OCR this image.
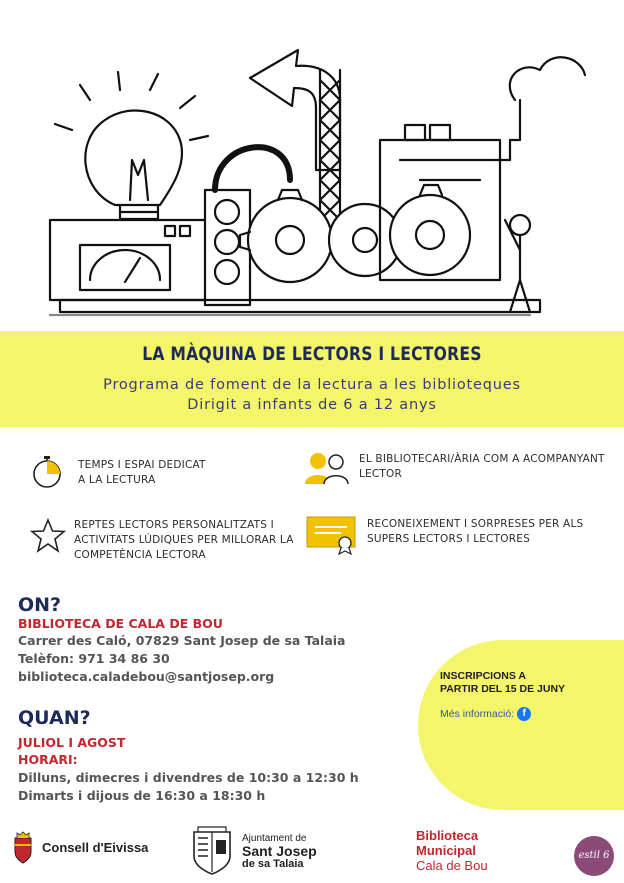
LA MÀQUINA DE LECTORS I LECTORES
Programa de foment de la lectura a les biblioteques
Dirigit a infants de 6 a 12 anys
TEMPS I ESPAI DEDICAT
A LA LECTURA
EL BIBLIOTECARI/ÀRIA COM A ACOMPANYANT
LECTOR
REPTES LECTORS PERSONALITZATS I
ACTIVITATS LÚDIQUES PER MILLORAR LA
COMPETÈNCIA LECTORA
RECONEIXEMENT I SORPRESES PER ALS
SUPERS LECTORS I LECTORES
ON?
BIBLIOTECA DE CALA DE BOU
Carrer des Caló, 07829 Sant Josep de sa Talaia
Telèfon: 971 34 86 30
biblioteca.caladebou@santjosep.org
QUAN?
JULIOL I AGOST
HORARI:
Dilluns, dimecres i divendres de 10:30 a 12:30 h
Dimarts i dijous de 16:30 a 18:30 h
INSCRIPCIONS A
PARTIR DEL 15 DE JUNY
Més informació: f
Consell d'Eivissa
Ajuntament de
Sant Josep
de sa Talaia
Biblioteca
Municipal
Cala de Bou
estil 6
